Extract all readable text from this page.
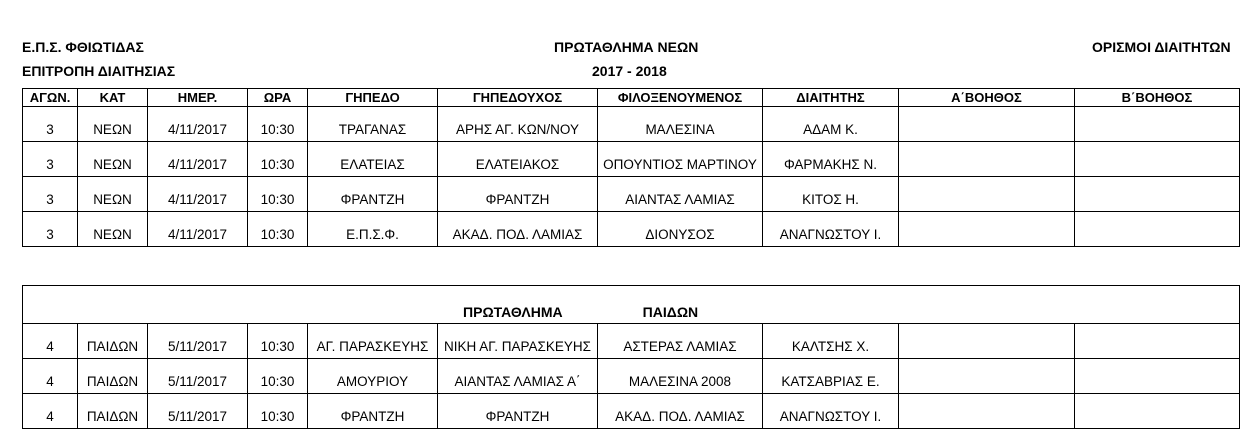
Ε.Π.Σ. ΦΘΙΩΤΙΔΑΣ
ΕΠΙΤΡΟΠΗ ΔΙΑΙΤΗΣΙΑΣ
ΠΡΩΤΑΘΛΗΜΑ ΝΕΩΝ
2017 - 2018
ΟΡΙΣΜΟΙ ΔΙΑΙΤΗΤΩΝ
ΑΓΩΝ.	ΚΑΤ	ΗΜΕΡ.	ΩΡΑ	ΓΗΠΕΔΟ	ΓΗΠΕΔΟΥΧΟΣ	ΦΙΛΟΞΕΝΟΥΜΕΝΟΣ	ΔΙΑΙΤΗΤΗΣ	Α΄ΒΟΗΘΟΣ	Β΄ΒΟΗΘΟΣ
3	ΝΕΩΝ	4/11/2017	10:30	ΤΡΑΓΑΝΑΣ	ΑΡΗΣ ΑΓ. ΚΩΝ/ΝΟΥ	ΜΑΛΕΣΙΝΑ	ΑΔΑΜ Κ.		
3	ΝΕΩΝ	4/11/2017	10:30	ΕΛΑΤΕΙΑΣ	ΕΛΑΤΕΙΑΚΟΣ	ΟΠΟΥΝΤΙΟΣ ΜΑΡΤΙΝΟΥ	ΦΑΡΜΑΚΗΣ Ν.		
3	ΝΕΩΝ	4/11/2017	10:30	ΦΡΑΝΤΖΗ	ΦΡΑΝΤΖΗ	ΑΙΑΝΤΑΣ ΛΑΜΙΑΣ	ΚΙΤΟΣ Η.		
3	ΝΕΩΝ	4/11/2017	10:30	Ε.Π.Σ.Φ.	ΑΚΑΔ. ΠΟΔ. ΛΑΜΙΑΣ	ΔΙΟΝΥΣΟΣ	ΑΝΑΓΝΩΣΤΟΥ Ι.		
ΠΡΩΤΑΘΛΗΜΑ ΠΑΙΔΩΝ									
4	ΠΑΙΔΩΝ	5/11/2017	10:30	ΑΓ. ΠΑΡΑΣΚΕΥΗΣ	ΝΙΚΗ ΑΓ. ΠΑΡΑΣΚΕΥΗΣ	ΑΣΤΕΡΑΣ ΛΑΜΙΑΣ	ΚΑΛΤΣΗΣ Χ.		
4	ΠΑΙΔΩΝ	5/11/2017	10:30	ΑΜΟΥΡΙΟΥ	ΑΙΑΝΤΑΣ ΛΑΜΙΑΣ Α΄	ΜΑΛΕΣΙΝΑ 2008	ΚΑΤΣΑΒΡΙΑΣ Ε.		
4	ΠΑΙΔΩΝ	5/11/2017	10:30	ΦΡΑΝΤΖΗ	ΦΡΑΝΤΖΗ	ΑΚΑΔ. ΠΟΔ. ΛΑΜΙΑΣ	ΑΝΑΓΝΩΣΤΟΥ Ι.		
